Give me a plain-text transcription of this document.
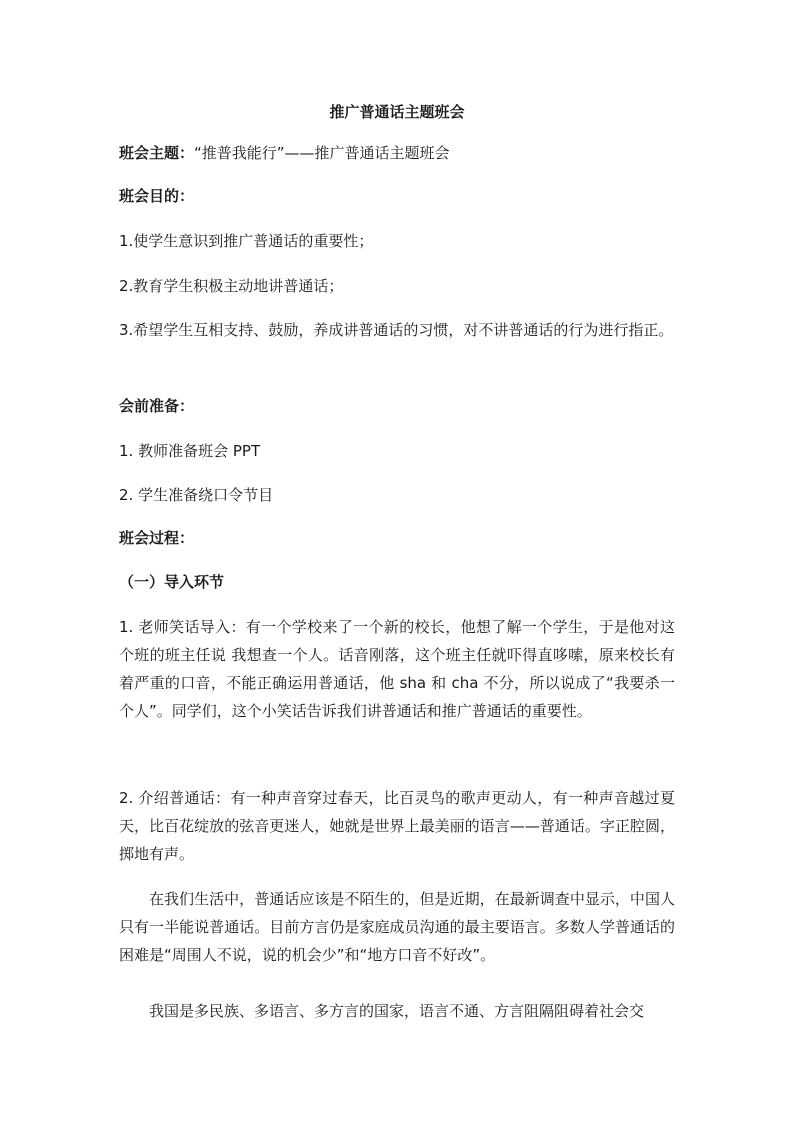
推广普通话主题班会

班会主题：“推普我能行”——推广普通话主题班会

班会目的：

1.使学生意识到推广普通话的重要性；

2.教育学生积极主动地讲普通话；

3.希望学生互相支持、鼓励，养成讲普通话的习惯，对不讲普通话的行为进行指正。

会前准备：

1. 教师准备班会 PPT

2. 学生准备绕口令节目

班会过程：

（一）导入环节

1. 老师笑话导入：有一个学校来了一个新的校长，他想了解一个学生，于是他对这个班的班主任说 我想查一个人。话音刚落，这个班主任就吓得直哆嗦，原来校长有着严重的口音，不能正确运用普通话，他 sha 和 cha 不分，所以说成了“我要杀一个人”。同学们，这个小笑话告诉我们讲普通话和推广普通话的重要性。

2. 介绍普通话：有一种声音穿过春天，比百灵鸟的歌声更动人，有一种声音越过夏天，比百花绽放的弦音更迷人，她就是世界上最美丽的语言——普通话。字正腔圆，掷地有声。

在我们生活中，普通话应该是不陌生的，但是近期，在最新调查中显示，中国人只有一半能说普通话。目前方言仍是家庭成员沟通的最主要语言。多数人学普通话的困难是“周围人不说，说的机会少”和“地方口音不好改”。

我国是多民族、多语言、多方言的国家，语言不通、方言阻隔阻碍着社会交
